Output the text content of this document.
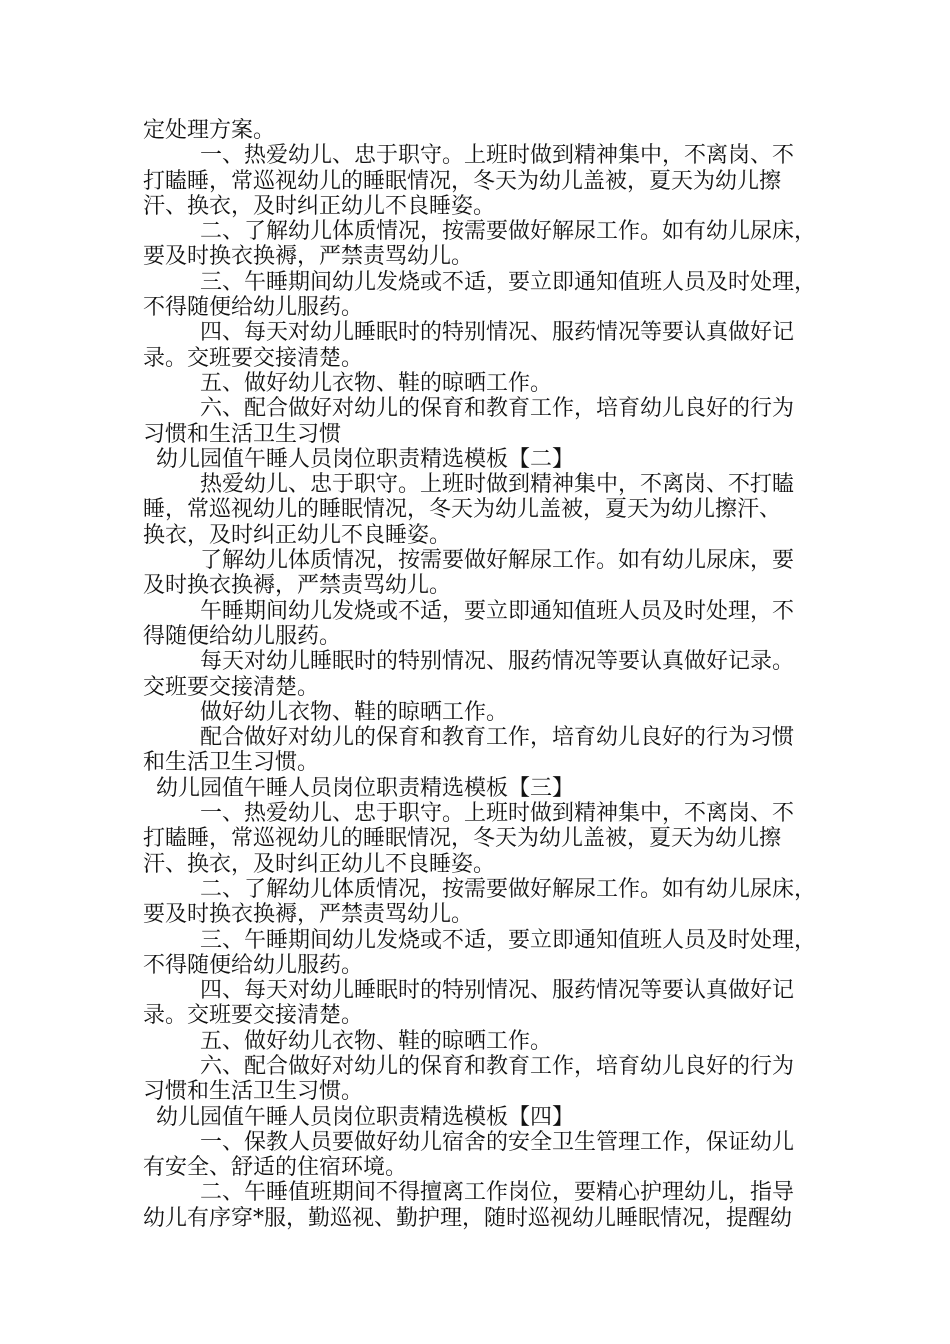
定处理方案。
一、热爱幼儿、忠于职守。上班时做到精神集中，不离岗、不
打瞌睡，常巡视幼儿的睡眠情况，冬天为幼儿盖被，夏天为幼儿擦
汗、换衣，及时纠正幼儿不良睡姿。
二、了解幼儿体质情况，按需要做好解尿工作。如有幼儿尿床，
要及时换衣换褥，严禁责骂幼儿。
三、午睡期间幼儿发烧或不适，要立即通知值班人员及时处理，
不得随便给幼儿服药。
四、每天对幼儿睡眠时的特别情况、服药情况等要认真做好记
录。交班要交接清楚。
五、做好幼儿衣物、鞋的晾晒工作。
六、配合做好对幼儿的保育和教育工作，培育幼儿良好的行为
习惯和生活卫生习惯
幼儿园值午睡人员岗位职责精选模板【二】
热爱幼儿、忠于职守。上班时做到精神集中，不离岗、不打瞌
睡，常巡视幼儿的睡眠情况，冬天为幼儿盖被，夏天为幼儿擦汗、
换衣，及时纠正幼儿不良睡姿。
了解幼儿体质情况，按需要做好解尿工作。如有幼儿尿床，要
及时换衣换褥，严禁责骂幼儿。
午睡期间幼儿发烧或不适，要立即通知值班人员及时处理，不
得随便给幼儿服药。
每天对幼儿睡眠时的特别情况、服药情况等要认真做好记录。
交班要交接清楚。
做好幼儿衣物、鞋的晾晒工作。
配合做好对幼儿的保育和教育工作，培育幼儿良好的行为习惯
和生活卫生习惯。
幼儿园值午睡人员岗位职责精选模板【三】
一、热爱幼儿、忠于职守。上班时做到精神集中，不离岗、不
打瞌睡，常巡视幼儿的睡眠情况，冬天为幼儿盖被，夏天为幼儿擦
汗、换衣，及时纠正幼儿不良睡姿。
二、了解幼儿体质情况，按需要做好解尿工作。如有幼儿尿床，
要及时换衣换褥，严禁责骂幼儿。
三、午睡期间幼儿发烧或不适，要立即通知值班人员及时处理，
不得随便给幼儿服药。
四、每天对幼儿睡眠时的特别情况、服药情况等要认真做好记
录。交班要交接清楚。
五、做好幼儿衣物、鞋的晾晒工作。
六、配合做好对幼儿的保育和教育工作，培育幼儿良好的行为
习惯和生活卫生习惯。
幼儿园值午睡人员岗位职责精选模板【四】
一、保教人员要做好幼儿宿舍的安全卫生管理工作，保证幼儿
有安全、舒适的住宿环境。
二、午睡值班期间不得擅离工作岗位，要精心护理幼儿，指导
幼儿有序穿*服，勤巡视、勤护理，随时巡视幼儿睡眠情况，提醒幼
